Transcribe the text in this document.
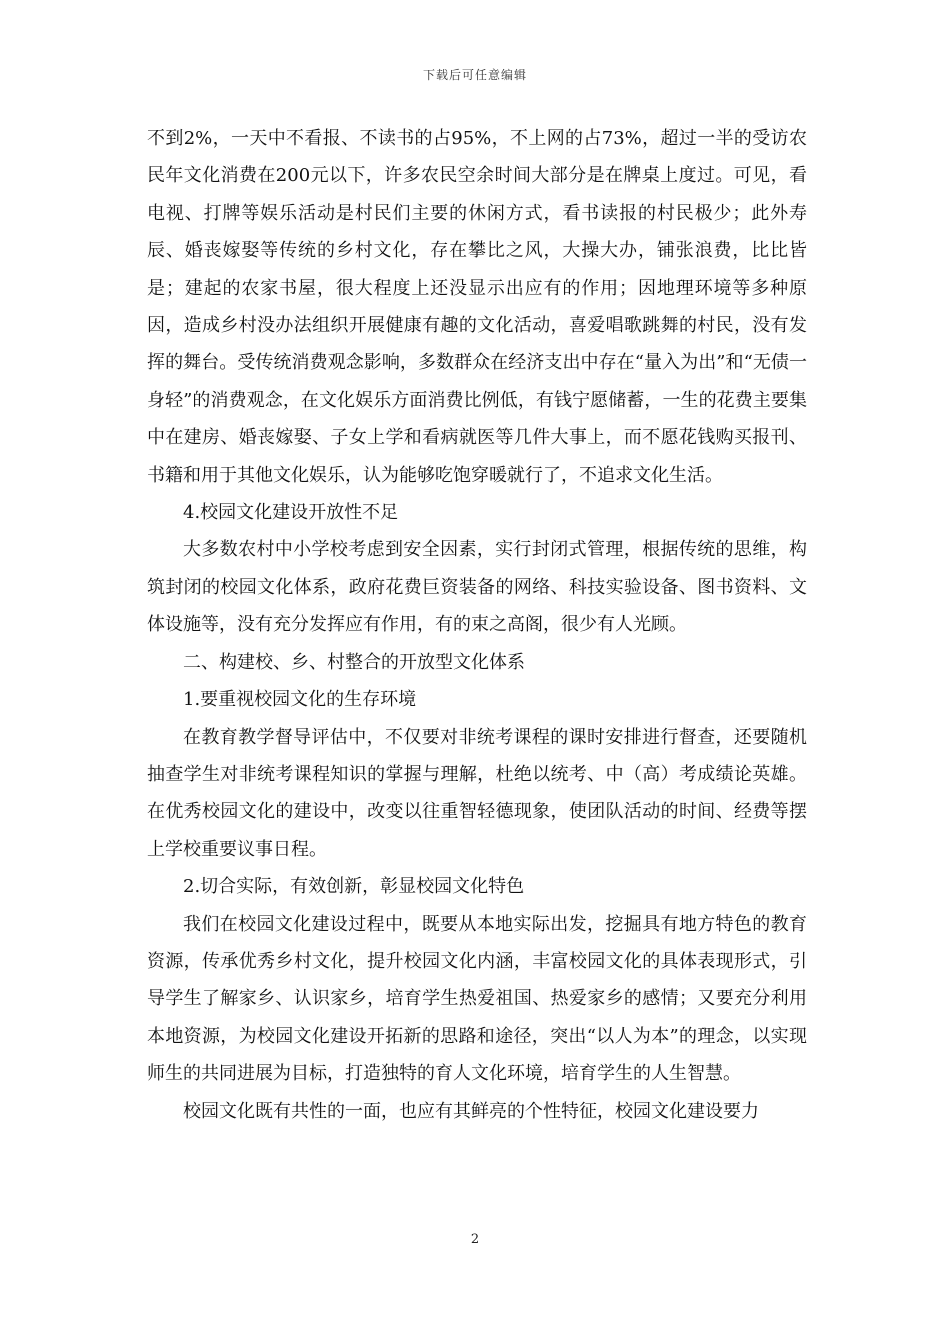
下载后可任意编辑

不到2%，一天中不看报、不读书的占95%，不上网的占73%，超过一半的受访农民年文化消费在200元以下，许多农民空余时间大部分是在牌桌上度过。可见，看电视、打牌等娱乐活动是村民们主要的休闲方式，看书读报的村民极少；此外寿辰、婚丧嫁娶等传统的乡村文化，存在攀比之风，大操大办，铺张浪费，比比皆是；建起的农家书屋，很大程度上还没显示出应有的作用；因地理环境等多种原因，造成乡村没办法组织开展健康有趣的文化活动，喜爱唱歌跳舞的村民，没有发挥的舞台。受传统消费观念影响，多数群众在经济支出中存在“量入为出”和“无债一身轻”的消费观念，在文化娱乐方面消费比例低，有钱宁愿储蓄，一生的花费主要集中在建房、婚丧嫁娶、子女上学和看病就医等几件大事上，而不愿花钱购买报刊、书籍和用于其他文化娱乐，认为能够吃饱穿暖就行了，不追求文化生活。

4.校园文化建设开放性不足

大多数农村中小学校考虑到安全因素，实行封闭式管理，根据传统的思维，构筑封闭的校园文化体系，政府花费巨资装备的网络、科技实验设备、图书资料、文体设施等，没有充分发挥应有作用，有的束之高阁，很少有人光顾。

二、构建校、乡、村整合的开放型文化体系

1.要重视校园文化的生存环境

在教育教学督导评估中，不仅要对非统考课程的课时安排进行督查，还要随机抽查学生对非统考课程知识的掌握与理解，杜绝以统考、中（高）考成绩论英雄。在优秀校园文化的建设中，改变以往重智轻德现象，使团队活动的时间、经费等摆上学校重要议事日程。

2.切合实际，有效创新，彰显校园文化特色

我们在校园文化建设过程中，既要从本地实际出发，挖掘具有地方特色的教育资源，传承优秀乡村文化，提升校园文化内涵，丰富校园文化的具体表现形式，引导学生了解家乡、认识家乡，培育学生热爱祖国、热爱家乡的感情；又要充分利用本地资源，为校园文化建设开拓新的思路和途径，突出“以人为本”的理念，以实现师生的共同进展为目标，打造独特的育人文化环境，培育学生的人生智慧。

校园文化既有共性的一面，也应有其鲜亮的个性特征，校园文化建设要力

2
